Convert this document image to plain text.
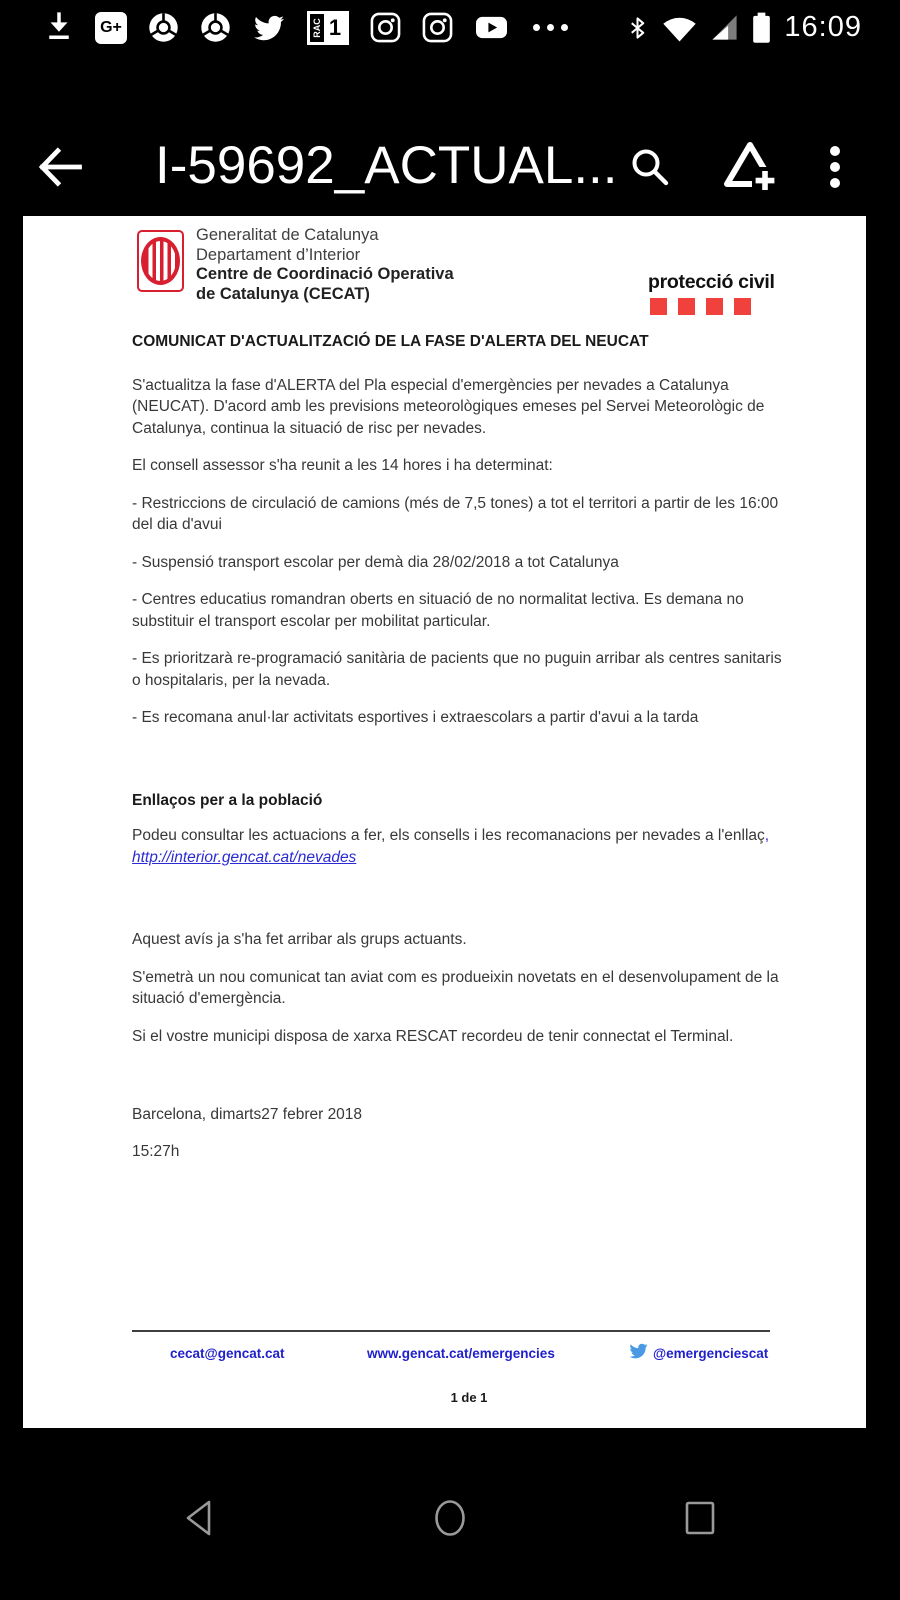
G+	RAC 1	16:09
I-59692_ACTUAL...
Generalitat de Catalunya
Departament d’Interior
Centre de Coordinació Operativa
de Catalunya (CECAT)
protecció civil
COMUNICAT D'ACTUALITZACIÓ DE LA FASE D'ALERTA DEL NEUCAT

S'actualitza la fase d'ALERTA del Pla especial d'emergències per nevades a Catalunya (NEUCAT). D'acord amb les previsions meteorològiques emeses pel Servei Meteorològic de Catalunya, continua la situació de risc per nevades.

El consell assessor s'ha reunit a les 14 hores i ha determinat:

- Restriccions de circulació de camions (més de 7,5 tones) a tot el territori a partir de les 16:00 del dia d'avui

- Suspensió transport escolar per demà dia 28/02/2018 a tot Catalunya

- Centres educatius romandran oberts en situació de no normalitat lectiva. Es demana no substituir el transport escolar per mobilitat particular.

- Es prioritzarà re-programació sanitària de pacients que no puguin arribar als centres sanitaris o hospitalaris, per la nevada.

- Es recomana anul·lar activitats esportives i extraescolars a partir d'avui a la tarda

Enllaços per a la població

Podeu consultar les actuacions a fer, els consells i les recomanacions per nevades a l'enllaç,
http://interior.gencat.cat/nevades

Aquest avís ja s'ha fet arribar als grups actuants.

S'emetrà un nou comunicat tan aviat com es produeixin novetats en el desenvolupament de la situació d'emergència.

Si el vostre municipi disposa de xarxa RESCAT recordeu de tenir connectat el Terminal.

Barcelona, dimarts27 febrer 2018

15:27h

cecat@gencat.cat	www.gencat.cat/emergencies	@emergenciescat
1 de 1
